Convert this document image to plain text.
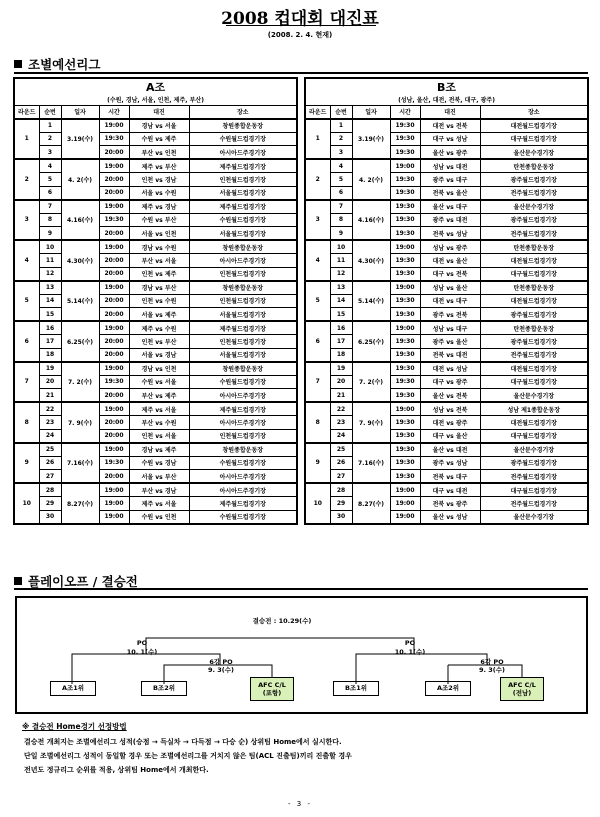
2008 컵대회 대진표
(2008. 2. 4. 현재)
조별예선리그
A조					
(수원, 경남, 서울, 인천, 제주, 부산)					
라운드	순번	일자	시간	대진	장소
1	1	3.19(수)	19:00	경남 vs 서울	창원종합운동장
	2		19:30	수원 vs 제주	수원월드컵경기장
	3		20:00	부산 vs 인천	아시아드주경기장
2	4	4. 2(수)	19:00	제주 vs 부산	제주월드컵경기장
	5		20:00	인천 vs 경남	인천월드컵경기장
	6		20:00	서울 vs 수원	서울월드컵경기장
3	7	4.16(수)	19:00	제주 vs 경남	제주월드컵경기장
	8		19:30	수원 vs 부산	수원월드컵경기장
	9		20:00	서울 vs 인천	서울월드컵경기장
4	10	4.30(수)	19:00	경남 vs 수원	창원종합운동장
	11		20:00	부산 vs 서울	아시아드주경기장
	12		20:00	인천 vs 제주	인천월드컵경기장
5	13	5.14(수)	19:00	경남 vs 부산	창원종합운동장
	14		20:00	인천 vs 수원	인천월드컵경기장
	15		20:00	서울 vs 제주	서울월드컵경기장
6	16	6.25(수)	19:00	제주 vs 수원	제주월드컵경기장
	17		20:00	인천 vs 부산	인천월드컵경기장
	18		20:00	서울 vs 경남	서울월드컵경기장
7	19	7. 2(수)	19:00	경남 vs 인천	창원종합운동장
	20		19:30	수원 vs 서울	수원월드컵경기장
	21		20:00	부산 vs 제주	아시아드주경기장
8	22	7. 9(수)	19:00	제주 vs 서울	제주월드컵경기장
	23		20:00	부산 vs 수원	아시아드주경기장
	24		20:00	인천 vs 서울	인천월드컵경기장
9	25	7.16(수)	19:00	경남 vs 제주	창원종합운동장
	26		19:30	수원 vs 경남	수원월드컵경기장
	27		20:00	서울 vs 부산	아시아드주경기장
10	28	8.27(수)	19:00	부산 vs 경남	아시아드주경기장
	29		19:00	제주 vs 서울	제주월드컵경기장
	30		19:00	수원 vs 인천	수원월드컵경기장
B조					
(성남, 울산, 대전, 전북, 대구, 광주)					
라운드	순번	일자	시간	대진	장소
1	1	3.19(수)	19:30	대전 vs 전북	대전월드컵경기장
	2		19:30	대구 vs 성남	대구월드컵경기장
	3		19:30	울산 vs 광주	울산문수경기장
2	4	4. 2(수)	19:00	성남 vs 대전	탄천종합운동장
	5		19:30	광주 vs 대구	광주월드컵경기장
	6		19:30	전북 vs 울산	전주월드컵경기장
3	7	4.16(수)	19:30	울산 vs 대구	울산문수경기장
	8		19:30	광주 vs 대전	광주월드컵경기장
	9		19:30	전북 vs 성남	전주월드컵경기장
4	10	4.30(수)	19:00	성남 vs 광주	탄천종합운동장
	11		19:30	대전 vs 울산	대전월드컵경기장
	12		19:30	대구 vs 전북	대구월드컵경기장
5	13	5.14(수)	19:00	성남 vs 울산	탄천종합운동장
	14		19:30	대전 vs 대구	대전월드컵경기장
	15		19:30	광주 vs 전북	광주월드컵경기장
6	16	6.25(수)	19:00	성남 vs 대구	탄천종합운동장
	17		19:30	광주 vs 울산	광주월드컵경기장
	18		19:30	전북 vs 대전	전주월드컵경기장
7	19	7. 2(수)	19:30	대전 vs 성남	대전월드컵경기장
	20		19:30	대구 vs 광주	대구월드컵경기장
	21		19:30	울산 vs 전북	울산문수경기장
8	22	7. 9(수)	19:00	성남 vs 전북	성남 제1종합운동장
	23		19:30	대전 vs 광주	대전월드컵경기장
	24		19:30	대구 vs 울산	대구월드컵경기장
9	25	7.16(수)	19:30	울산 vs 대전	울산문수경기장
	26		19:30	광주 vs 성남	광주월드컵경기장
	27		19:30	전북 vs 대구	전주월드컵경기장
10	28	8.27(수)	19:00	대구 vs 대전	대구월드컵경기장
	29		19:00	전북 vs 광주	전주월드컵경기장
	30		19:00	울산 vs 성남	울산문수경기장
플레이오프 / 결승전
결승전 : 10.29(수)
PO
10. 1(수)
6강 PO
9. 3(수)
A조1위	B조2위	AFC C/L
(포항)
PO
10. 1(수)
6강 PO
9. 3(수)
B조1위	A조2위	AFC C/L
(전남)
※ 결승전 Home경기 선정방법
결승전 개최지는 조별예선리그 성적(승점 → 득실차 → 다득점 → 다승 순) 상위팀 Home에서 실시한다.
단일 조별예선리그 성적이 동일할 경우 또는 조별예선리그를 거치지 않은 팀(ACL 진출팀)끼리 진출할 경우
전년도 정규리그 순위를 적용, 상위팀 Home에서 개최한다.
- 3 -
